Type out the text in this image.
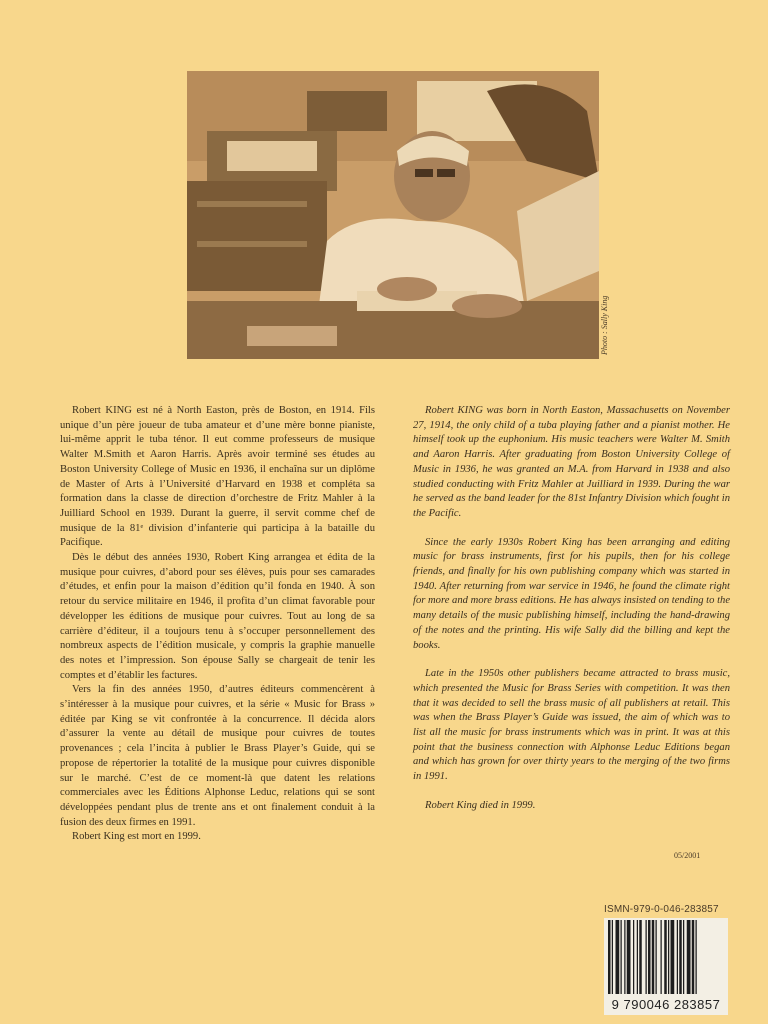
Photo : Sally King

Robert KING est né à North Easton, près de Boston, en 1914. Fils unique d’un père joueur de tuba amateur et d’une mère bonne pianiste, lui-même apprit le tuba ténor. Il eut comme professeurs de musique Walter M.Smith et Aaron Harris. Après avoir terminé ses études au Boston University College of Music en 1936, il enchaîna sur un diplôme de Master of Arts à l’Université d’Harvard en 1938 et compléta sa formation dans la classe de direction d’orchestre de Fritz Mahler à la Juilliard School en 1939. Durant la guerre, il servit comme chef de musique de la 81ᵉ division d’infanterie qui participa à la bataille du Pacifique.

Dès le début des années 1930, Robert King arrangea et édita de la musique pour cuivres, d’abord pour ses élèves, puis pour ses camarades d’études, et enfin pour la maison d’édition qu’il fonda en 1940. À son retour du service militaire en 1946, il profita d’un climat favorable pour développer les éditions de musique pour cuivres. Tout au long de sa carrière d’éditeur, il a toujours tenu à s’occuper personnellement des nombreux aspects de l’édition musicale, y compris la graphie manuelle des notes et l’impression. Son épouse Sally se chargeait de tenir les comptes et d’établir les factures.

Vers la fin des années 1950, d’autres éditeurs commencèrent à s’intéresser à la musique pour cuivres, et la série « Music for Brass » éditée par King se vit confrontée à la concurrence. Il décida alors d’assurer la vente au détail de musique pour cuivres de toutes provenances ; cela l’incita à publier le Brass Player’s Guide, qui se propose de répertorier la totalité de la musique pour cuivres disponible sur le marché. C’est de ce moment-là que datent les relations commerciales avec les Éditions Alphonse Leduc, relations qui se sont développées pendant plus de trente ans et ont finalement conduit à la fusion des deux firmes en 1991.

Robert King est mort en 1999.

Robert KING was born in North Easton, Massachusetts on November 27, 1914, the only child of a tuba playing father and a pianist mother. He himself took up the euphonium. His music teachers were Walter M. Smith and Aaron Harris. After graduating from Boston University College of Music in 1936, he was granted an M.A. from Harvard in 1938 and also studied conducting with Fritz Mahler at Juilliard in 1939. During the war he served as the band leader for the 81st Infantry Division which fought in the Pacific.

Since the early 1930s Robert King has been arranging and editing music for brass instruments, first for his pupils, then for his college friends, and finally for his own publishing company which was started in 1940. After returning from war service in 1946, he found the climate right for more and more brass editions. He has always insisted on tending to the many details of the music publishing himself, including the hand-drawing of the notes and the printing. His wife Sally did the billing and kept the books.

Late in the 1950s other publishers became attracted to brass music, which presented the Music for Brass Series with competition. It was then that it was decided to sell the brass music of all publishers at retail. This was when the Brass Player’s Guide was issued, the aim of which was to list all the music for brass instruments which was in print. It was at this point that the business connection with Alphonse Leduc Editions began and which has grown for over thirty years to the merging of the two firms in 1991.

Robert King died in 1999.

05/2001
ISMN-979-0-046-283857
9 790046 283857
